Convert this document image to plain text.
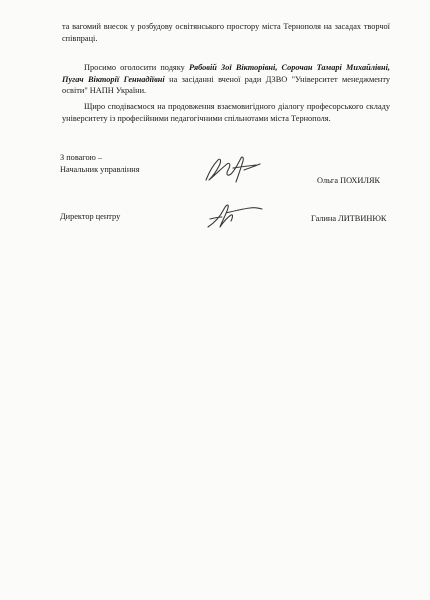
та вагомий внесок у розбудову освітянського простору міста Тернополя на засадах творчої співпраці.

Просимо оголосити подяку Рябовій Зої Вікторівні, Сорочан Тамарі Михайлівні, Пугач Вікторії Геннадіївні на засіданні вченої ради ДЗВО "Університет менеджменту освіти" НАПН України.

Щиро сподіваємося на продовження взаємовигідного діалогу професорського складу університету із професійними педагогічними спільнотами міста Тернополя.

З повагою –
Начальник управління
Ольга ПОХИЛЯК
Директор центру	Галина ЛИТВИНЮК
